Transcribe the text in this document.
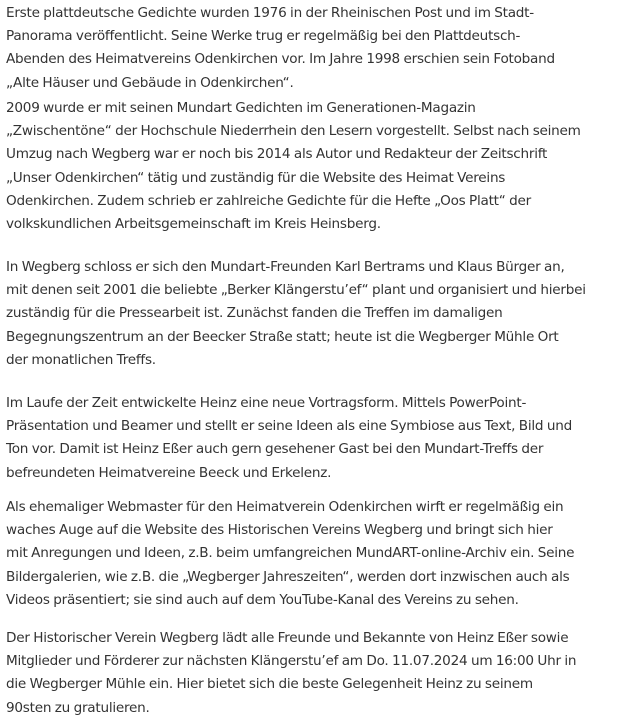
Erste plattdeutsche Gedichte wurden 1976 in der Rheinischen Post und im Stadt-
Panorama veröffentlicht. Seine Werke trug er regelmäßig bei den Plattdeutsch-
Abenden des Heimatvereins Odenkirchen vor. Im Jahre 1998 erschien sein Fotoband
„Alte Häuser und Gebäude in Odenkirchen“.

2009 wurde er mit seinen Mundart Gedichten im Generationen-Magazin
„Zwischentöne“ der Hochschule Niederrhein den Lesern vorgestellt. Selbst nach seinem
Umzug nach Wegberg war er noch bis 2014 als Autor und Redakteur der Zeitschrift
„Unser Odenkirchen“ tätig und zuständig für die Website des Heimat Vereins
Odenkirchen. Zudem schrieb er zahlreiche Gedichte für die Hefte „Oos Platt“ der
volkskundlichen Arbeitsgemeinschaft im Kreis Heinsberg.

In Wegberg schloss er sich den Mundart-Freunden Karl Bertrams und Klaus Bürger an,
mit denen seit 2001 die beliebte „Berker Klängerstu’ef“ plant und organisiert und hierbei
zuständig für die Pressearbeit ist. Zunächst fanden die Treffen im damaligen
Begegnungszentrum an der Beecker Straße statt; heute ist die Wegberger Mühle Ort
der monatlichen Treffs.

Im Laufe der Zeit entwickelte Heinz eine neue Vortragsform. Mittels PowerPoint-
Präsentation und Beamer und stellt er seine Ideen als eine Symbiose aus Text, Bild und
Ton vor. Damit ist Heinz Eßer auch gern gesehener Gast bei den Mundart-Treffs der
befreundeten Heimatvereine Beeck und Erkelenz.

Als ehemaliger Webmaster für den Heimatverein Odenkirchen wirft er regelmäßig ein
waches Auge auf die Website des Historischen Vereins Wegberg und bringt sich hier
mit Anregungen und Ideen, z.B. beim umfangreichen MundART-online-Archiv ein. Seine
Bildergalerien, wie z.B. die „Wegberger Jahreszeiten“, werden dort inzwischen auch als
Videos präsentiert; sie sind auch auf dem YouTube-Kanal des Vereins zu sehen.

Der Historischer Verein Wegberg lädt alle Freunde und Bekannte von Heinz Eßer sowie
Mitglieder und Förderer zur nächsten Klängerstu’ef am Do. 11.07.2024 um 16:00 Uhr in
die Wegberger Mühle ein. Hier bietet sich die beste Gelegenheit Heinz zu seinem
90sten zu gratulieren.
